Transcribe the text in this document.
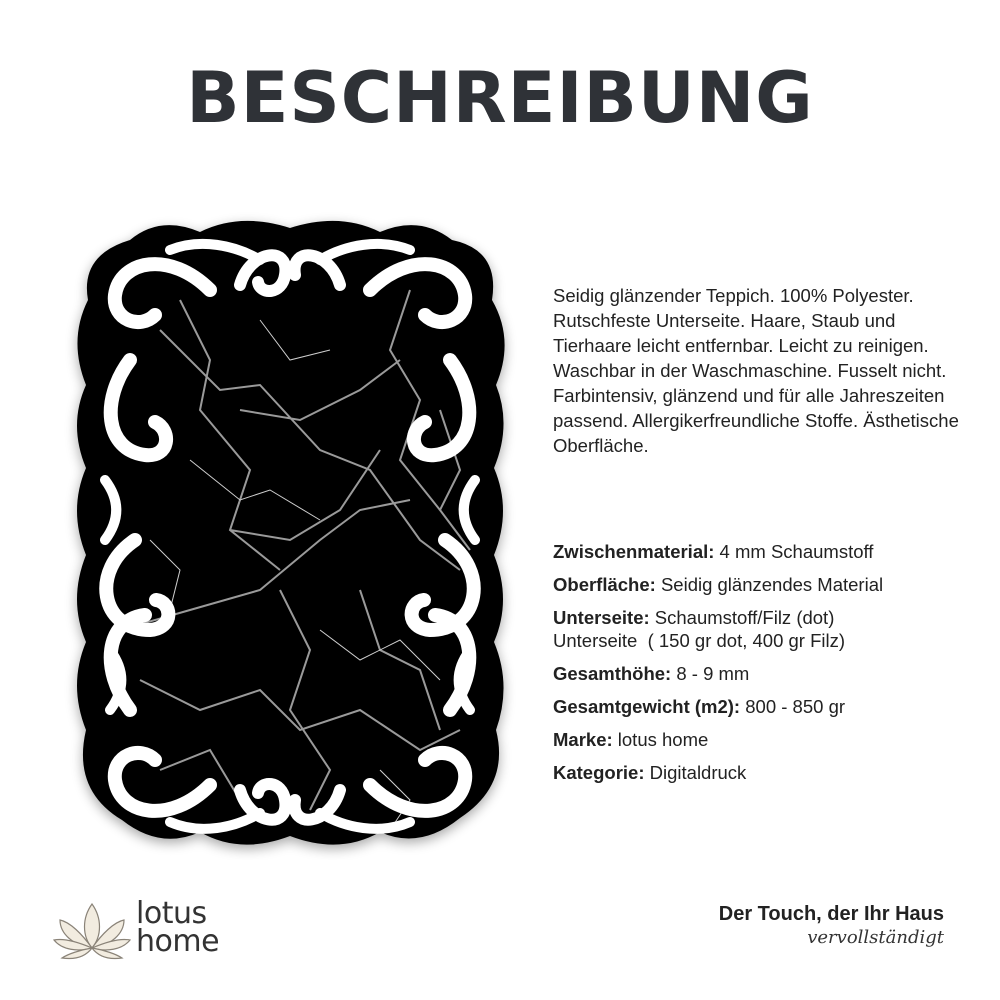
BESCHREIBUNG
Seidig glänzender Teppich. 100% Polyester. Rutschfeste Unterseite. Haare, Staub und Tierhaare leicht entfernbar. Leicht zu reinigen. Waschbar in der Waschmaschine. Fusselt nicht. Farbintensiv, glänzend und für alle Jahreszeiten passend. Allergikerfreundliche Stoffe. Ästhetische Oberfläche.
Zwischenmaterial: 4 mm Schaumstoff
Oberfläche: Seidig glänzendes Material
Unterseite: Schaumstoff/Filz (dot)
Unterseite  ( 150 gr dot, 400 gr Filz)
Gesamthöhe: 8 - 9 mm
Gesamtgewicht (m2): 800 - 850 gr
Marke: lotus home
Kategorie: Digitaldruck
lotus
home
Der Touch, der Ihr Haus
vervollständigt
